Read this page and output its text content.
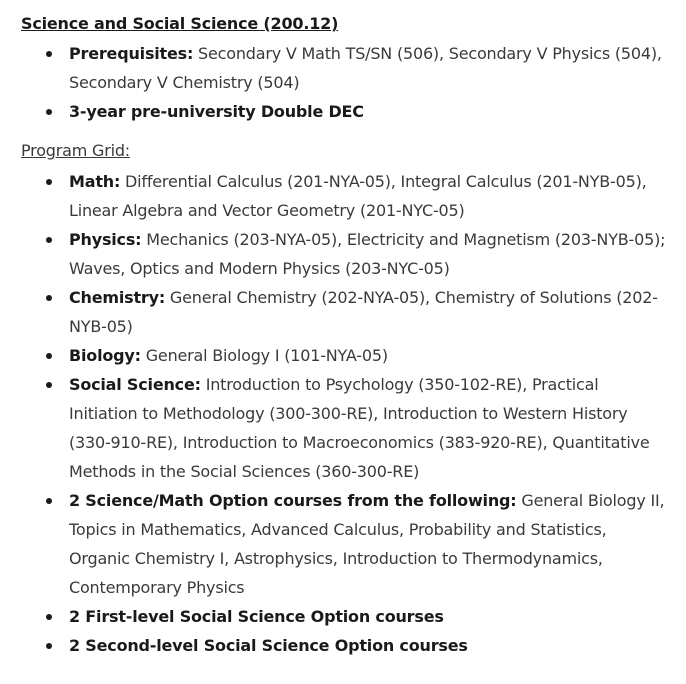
Science and Social Science (200.12)
Prerequisites: Secondary V Math TS/SN (506), Secondary V Physics (504), Secondary V Chemistry (504)
3-year pre-university Double DEC
Program Grid:
Math: Differential Calculus (201-NYA-05), Integral Calculus (201-NYB-05), Linear Algebra and Vector Geometry (201-NYC-05)
Physics: Mechanics (203-NYA-05), Electricity and Magnetism (203-NYB-05); Waves, Optics and Modern Physics (203-NYC-05)
Chemistry: General Chemistry (202-NYA-05), Chemistry of Solutions (202-NYB-05)
Biology: General Biology I (101-NYA-05)
Social Science: Introduction to Psychology (350-102-RE), Practical Initiation to Methodology (300-300-RE), Introduction to Western History (330-910-RE), Introduction to Macroeconomics (383-920-RE), Quantitative Methods in the Social Sciences (360-300-RE)
2 Science/Math Option courses from the following: General Biology II, Topics in Mathematics, Advanced Calculus, Probability and Statistics, Organic Chemistry I, Astrophysics, Introduction to Thermodynamics, Contemporary Physics
2 First-level Social Science Option courses
2 Second-level Social Science Option courses
